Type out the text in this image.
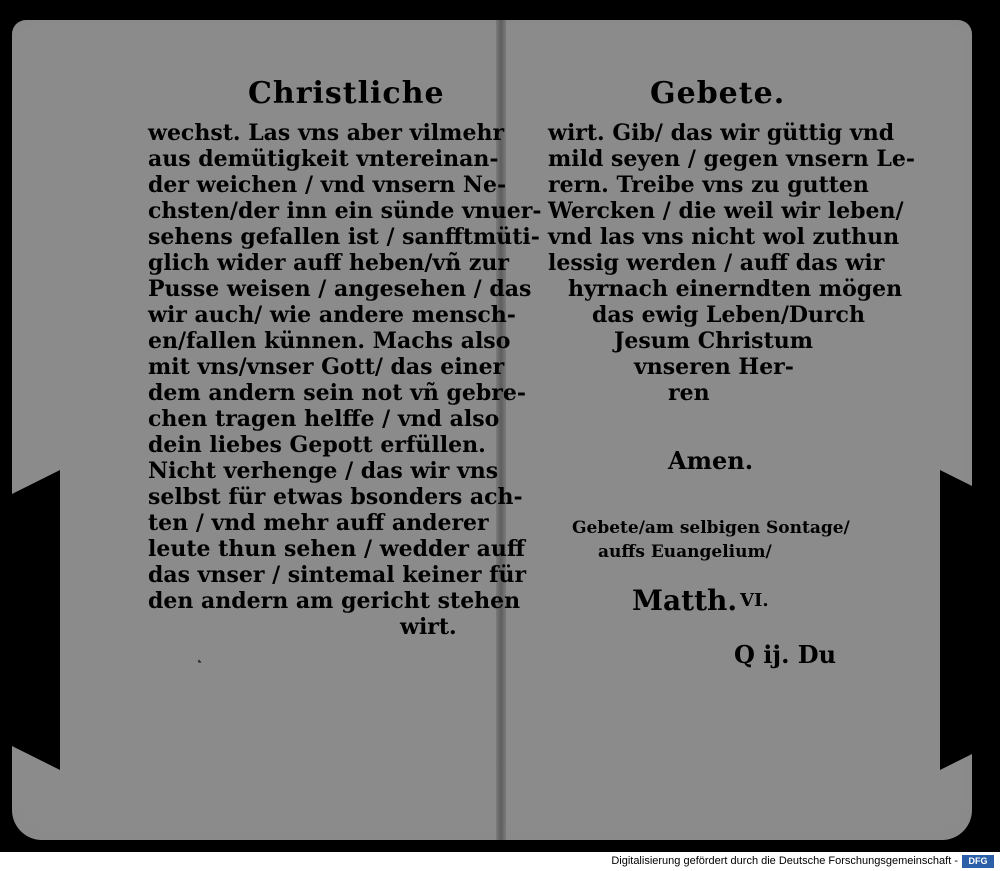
Christliche	Gebete.
wechst. Las vns aber vilmehr
aus demütigkeit vntereinan-
der weichen / vnd vnsern Ne-
chsten/der inn ein sünde vnuer-
sehens gefallen ist / sanfftmüti-
glich wider auff heben/vñ zur
Pusse weisen / angesehen / das
wir auch/ wie andere mensch-
en/fallen künnen. Machs also
mit vns/vnser Gott/ das einer
dem andern sein not vñ gebre-
chen tragen helffe / vnd also
dein liebes Gepott erfüllen.
Nicht verhenge / das wir vns
selbst für etwas bsonders ach-
ten / vnd mehr auff anderer
leute thun sehen / wedder auff
das vnser / sintemal keiner für
den andern am gericht stehen
wirt.
wirt. Gib/ das wir güttig vnd
mild seyen / gegen vnsern Le-
rern. Treibe vns zu gutten
Wercken / die weil wir leben/
vnd las vns nicht wol zuthun
lessig werden / auff das wir
hyrnach einerndten mögen
das ewig Leben/Durch
Jesum Christum
vnseren Her-
ren
Amen.
Gebete/am selbigen Sontage/
auffs Euangelium/
Matth. VI.
Q ij. Du
˛
Digitalisierung gefördert durch die Deutsche Forschungsgemeinschaft -	DFG
